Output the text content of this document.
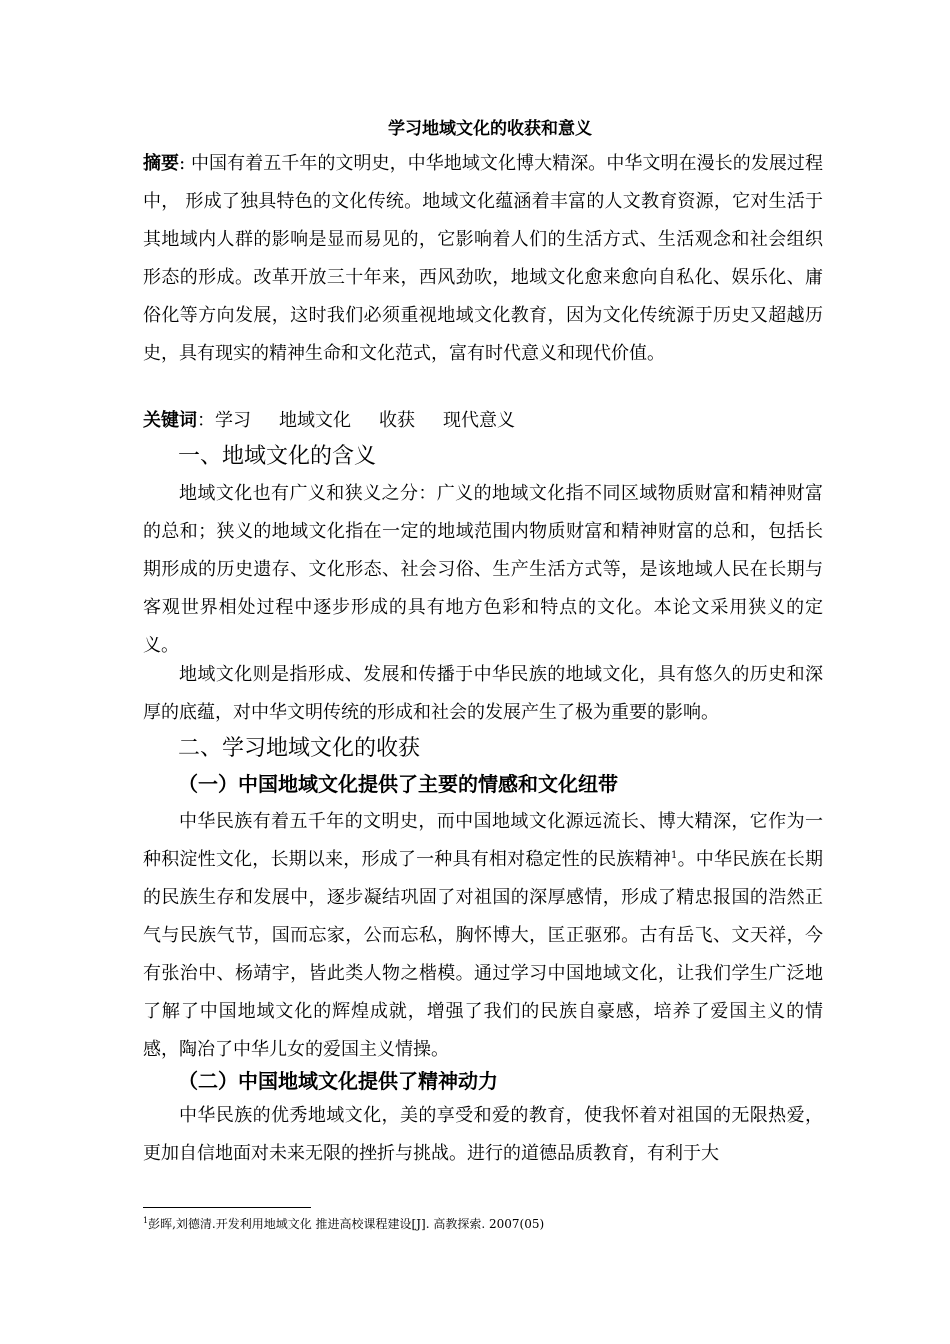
学习地域文化的收获和意义

摘要: 中国有着五千年的文明史，中华地域文化博大精深。中华文明在漫长的发展过程中， 形成了独具特色的文化传统。地域文化蕴涵着丰富的人文教育资源，它对生活于其地域内人群的影响是显而易见的，它影响着人们的生活方式、生活观念和社会组织形态的形成。改革开放三十年来，西风劲吹，地域文化愈来愈向自私化、娱乐化、庸俗化等方向发展，这时我们必须重视地域文化教育，因为文化传统源于历史又超越历史，具有现实的精神生命和文化范式，富有时代意义和现代价值。

关键词：学习 地域文化 收获 现代意义
一、地域文化的含义

地域文化也有广义和狭义之分：广义的地域文化指不同区域物质财富和精神财富的总和；狭义的地域文化指在一定的地域范围内物质财富和精神财富的总和，包括长期形成的历史遗存、文化形态、社会习俗、生产生活方式等，是该地域人民在长期与客观世界相处过程中逐步形成的具有地方色彩和特点的文化。本论文采用狭义的定义。

地域文化则是指形成、发展和传播于中华民族的地域文化，具有悠久的历史和深厚的底蕴，对中华文明传统的形成和社会的发展产生了极为重要的影响。

二、学习地域文化的收获
（一）中国地域文化提供了主要的情感和文化纽带

中华民族有着五千年的文明史，而中国地域文化源远流长、博大精深，它作为一种积淀性文化，长期以来，形成了一种具有相对稳定性的民族精神$^1$。中华民族在长期的民族生存和发展中，逐步凝结巩固了对祖国的深厚感情，形成了精忠报国的浩然正气与民族气节，国而忘家，公而忘私，胸怀博大，匡正驱邪。古有岳飞、文天祥，今有张治中、杨靖宇，皆此类人物之楷模。通过学习中国地域文化，让我们学生广泛地了解了中国地域文化的辉煌成就，增强了我们的民族自豪感，培养了爱国主义的情感，陶冶了中华儿女的爱国主义情操。

（二）中国地域文化提供了精神动力

中华民族的优秀地域文化，美的享受和爱的教育，使我怀着对祖国的无限热爱，更加自信地面对未来无限的挫折与挑战。进行的道德品质教育，有利于大

$^1$彭晖,刘德清.开发利用地域文化 推进高校课程建设[J]. 高教探索. 2007(05)
